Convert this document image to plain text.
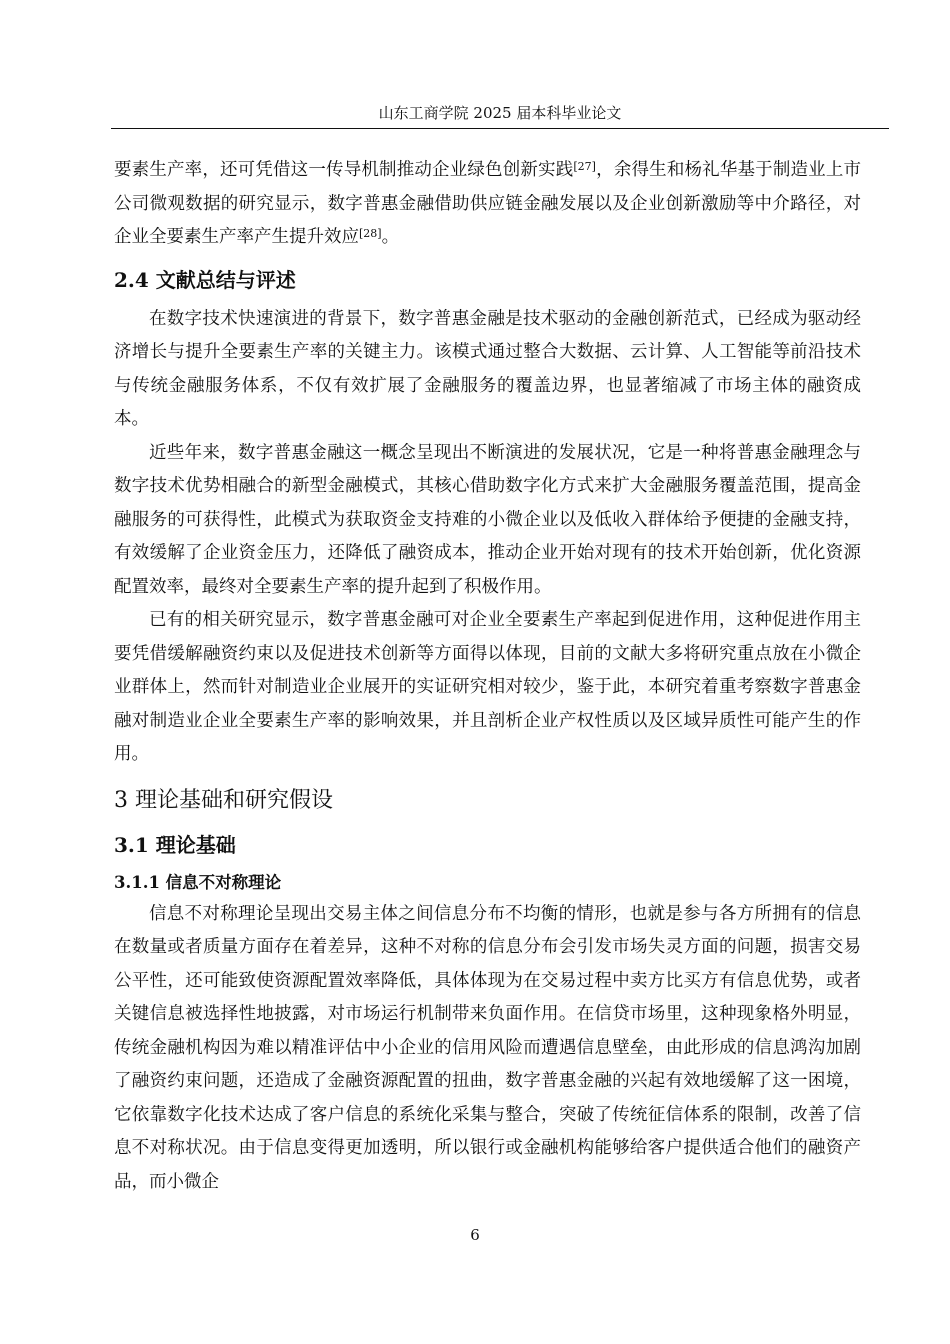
山东工商学院 2025 届本科毕业论文

要素生产率，还可凭借这一传导机制推动企业绿色创新实践[27]，余得生和杨礼华基于制造业上市公司微观数据的研究显示，数字普惠金融借助供应链金融发展以及企业创新激励等中介路径，对企业全要素生产率产生提升效应[28]。

2.4 文献总结与评述

在数字技术快速演进的背景下，数字普惠金融是技术驱动的金融创新范式，已经成为驱动经济增长与提升全要素生产率的关键主力。该模式通过整合大数据、云计算、人工智能等前沿技术与传统金融服务体系，不仅有效扩展了金融服务的覆盖边界，也显著缩减了市场主体的融资成本。

近些年来，数字普惠金融这一概念呈现出不断演进的发展状况，它是一种将普惠金融理念与数字技术优势相融合的新型金融模式，其核心借助数字化方式来扩大金融服务覆盖范围，提高金融服务的可获得性，此模式为获取资金支持难的小微企业以及低收入群体给予便捷的金融支持，有效缓解了企业资金压力，还降低了融资成本，推动企业开始对现有的技术开始创新，优化资源配置效率，最终对全要素生产率的提升起到了积极作用。

已有的相关研究显示，数字普惠金融可对企业全要素生产率起到促进作用，这种促进作用主要凭借缓解融资约束以及促进技术创新等方面得以体现，目前的文献大多将研究重点放在小微企业群体上，然而针对制造业企业展开的实证研究相对较少，鉴于此，本研究着重考察数字普惠金融对制造业企业全要素生产率的影响效果，并且剖析企业产权性质以及区域异质性可能产生的作用。

3 理论基础和研究假设
3.1 理论基础
3.1.1 信息不对称理论

信息不对称理论呈现出交易主体之间信息分布不均衡的情形，也就是参与各方所拥有的信息在数量或者质量方面存在着差异，这种不对称的信息分布会引发市场失灵方面的问题，损害交易公平性，还可能致使资源配置效率降低，具体体现为在交易过程中卖方比买方有信息优势，或者关键信息被选择性地披露，对市场运行机制带来负面作用。在信贷市场里，这种现象格外明显，传统金融机构因为难以精准评估中小企业的信用风险而遭遇信息壁垒，由此形成的信息鸿沟加剧了融资约束问题，还造成了金融资源配置的扭曲，数字普惠金融的兴起有效地缓解了这一困境，它依靠数字化技术达成了客户信息的系统化采集与整合，突破了传统征信体系的限制，改善了信息不对称状况。由于信息变得更加透明，所以银行或金融机构能够给客户提供适合他们的融资产品，而小微企

6
